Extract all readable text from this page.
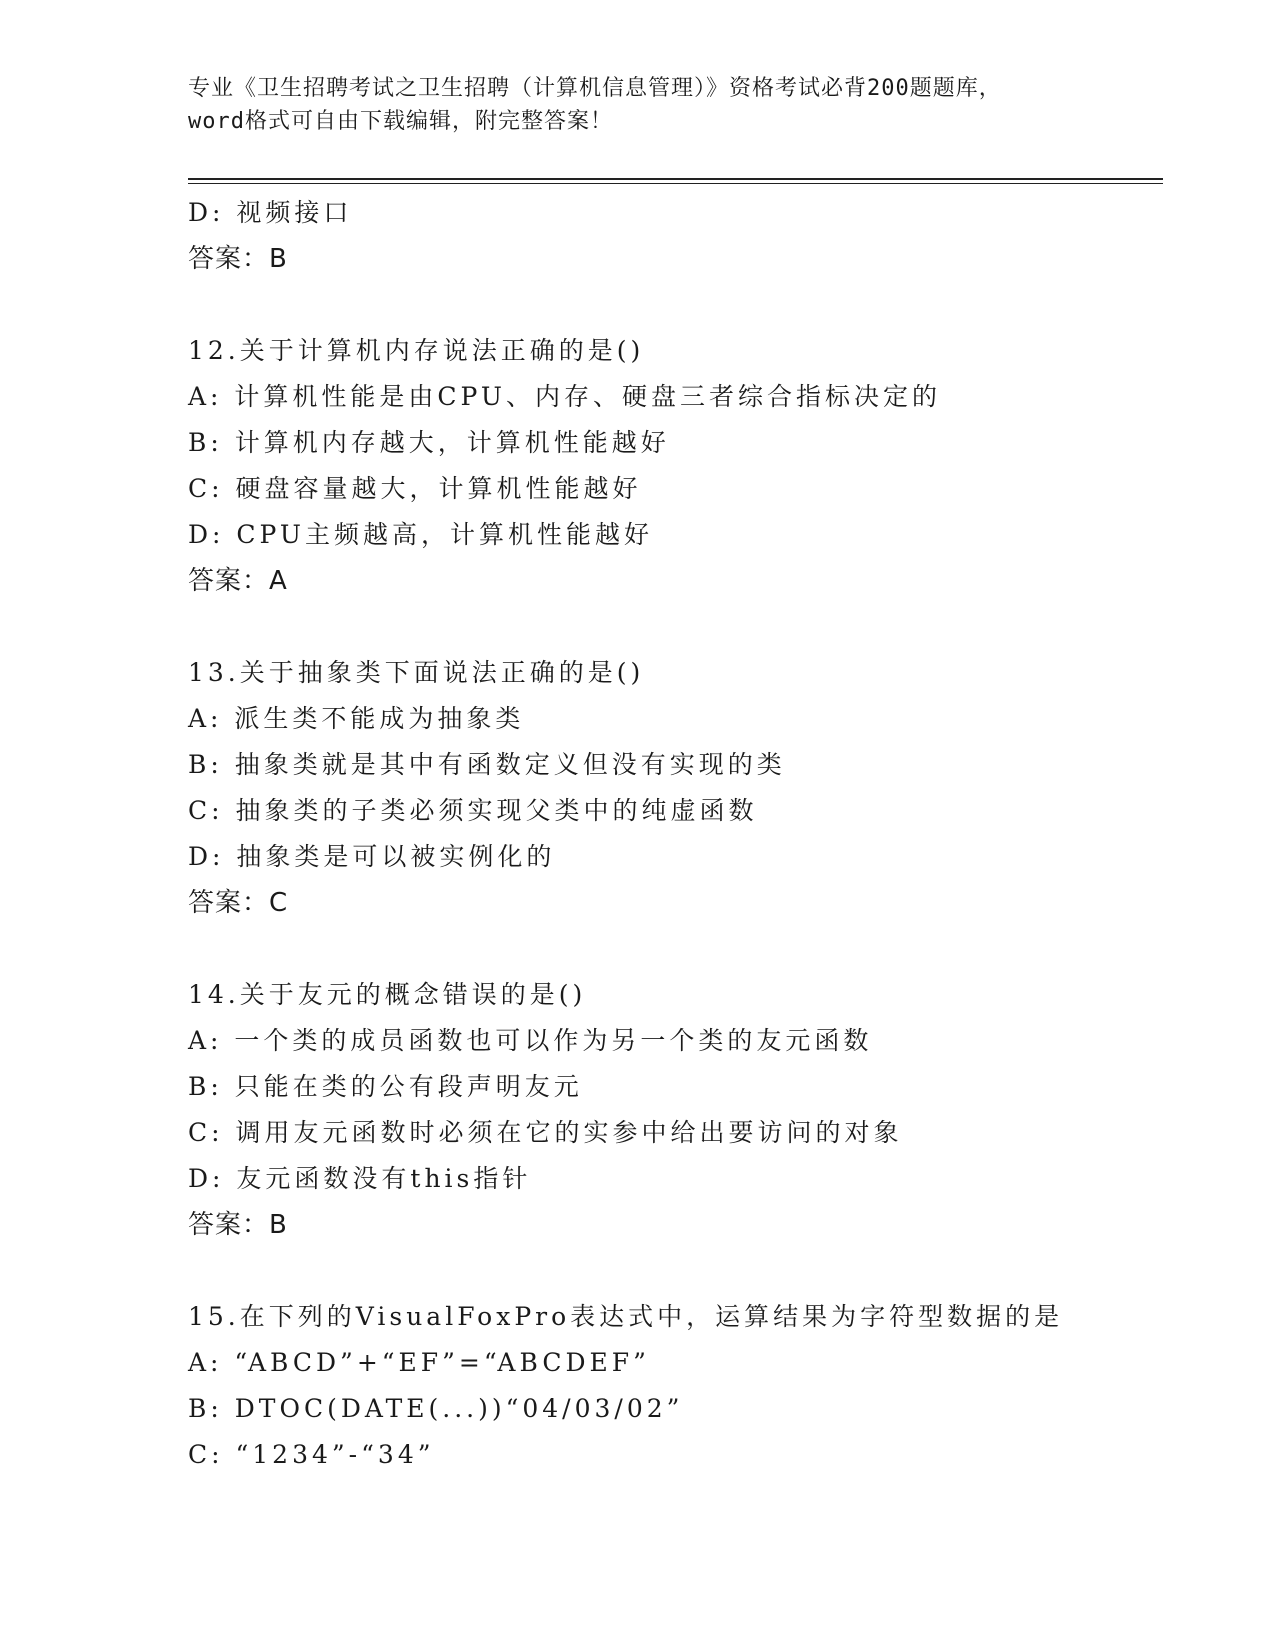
专业《卫生招聘考试之卫生招聘（计算机信息管理）》资格考试必背200题题库，
word格式可自由下载编辑，附完整答案！
D: 视频接口
答案：B
12.关于计算机内存说法正确的是()
A: 计算机性能是由CPU、内存、硬盘三者综合指标决定的
B: 计算机内存越大，计算机性能越好
C: 硬盘容量越大，计算机性能越好
D: CPU主频越高，计算机性能越好
答案：A
13.关于抽象类下面说法正确的是()
A: 派生类不能成为抽象类
B: 抽象类就是其中有函数定义但没有实现的类
C: 抽象类的子类必须实现父类中的纯虚函数
D: 抽象类是可以被实例化的
答案：C
14.关于友元的概念错误的是()
A: 一个类的成员函数也可以作为另一个类的友元函数
B: 只能在类的公有段声明友元
C: 调用友元函数时必须在它的实参中给出要访问的对象
D: 友元函数没有this指针
答案：B
15.在下列的VisualFoxPro表达式中，运算结果为字符型数据的是
A: “ABCD”+“EF”=“ABCDEF”
B: DTOC(DATE(...))“04/03/02”
C: “1234”-“34”
